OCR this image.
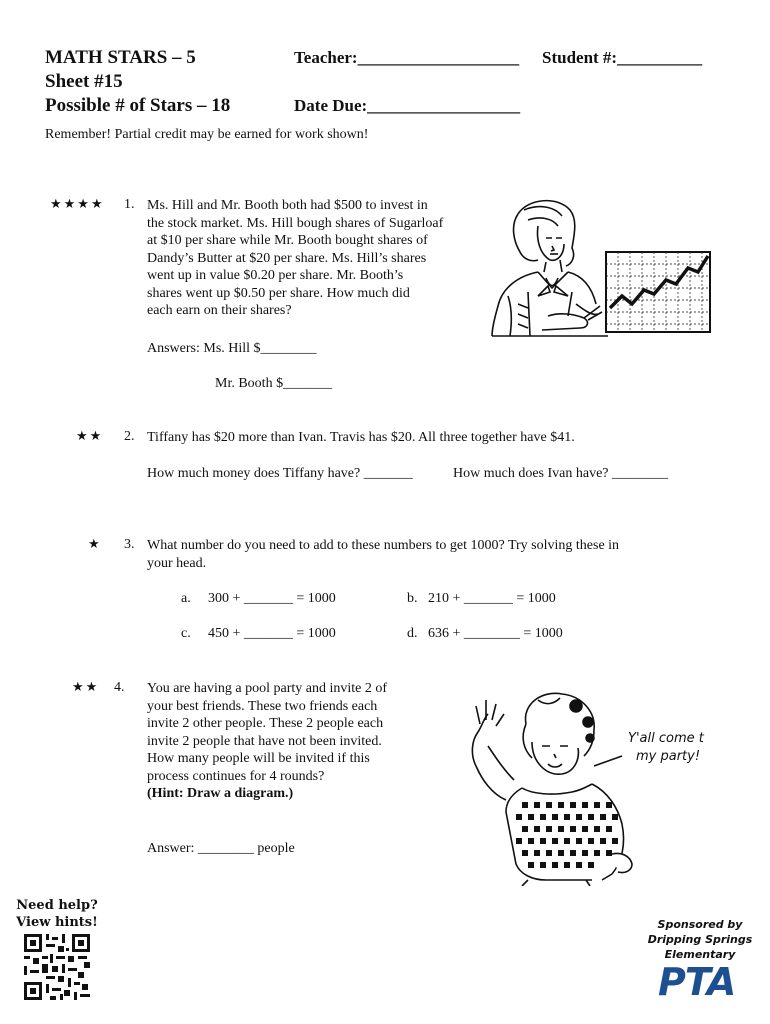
MATH STARS – 5
Sheet #15
Possible # of Stars – 18
Teacher:___________________ Student #:__________
Date Due:__________________
Remember! Partial credit may be earned for work shown!
★★★★ 1. Ms. Hill and Mr. Booth both had $500 to invest in
the stock market. Ms. Hill bough shares of Sugarloaf
at $10 per share while Mr. Booth bought shares of
Dandy’s Butter at $20 per share. Ms. Hill’s shares
went up in value $0.20 per share. Mr. Booth’s
shares went up $0.50 per share. How much did
each earn on their shares?
Answers: Ms. Hill $________
Mr. Booth $_______
★★ 2. Tiffany has $20 more than Ivan. Travis has $20. All three together have $41.
How much money does Tiffany have? _______	How much does Ivan have? ________
★ 3. What number do you need to add to these numbers to get 1000? Try solving these in
your head.
a. 300 + _______ = 1000	b. 210 + _______ = 1000
c. 450 + _______ = 1000	d. 636 + ________ = 1000
★★ 4. You are having a pool party and invite 2 of
your best friends. These two friends each
invite 2 other people. These 2 people each
invite 2 people that have not been invited.
How many people will be invited if this
process continues for 4 rounds?
(Hint: Draw a diagram.)
Answer: ________ people
Y'all come t
my party!
Need help?
View hints!	Sponsored by
Dripping Springs
Elementary
PTA
